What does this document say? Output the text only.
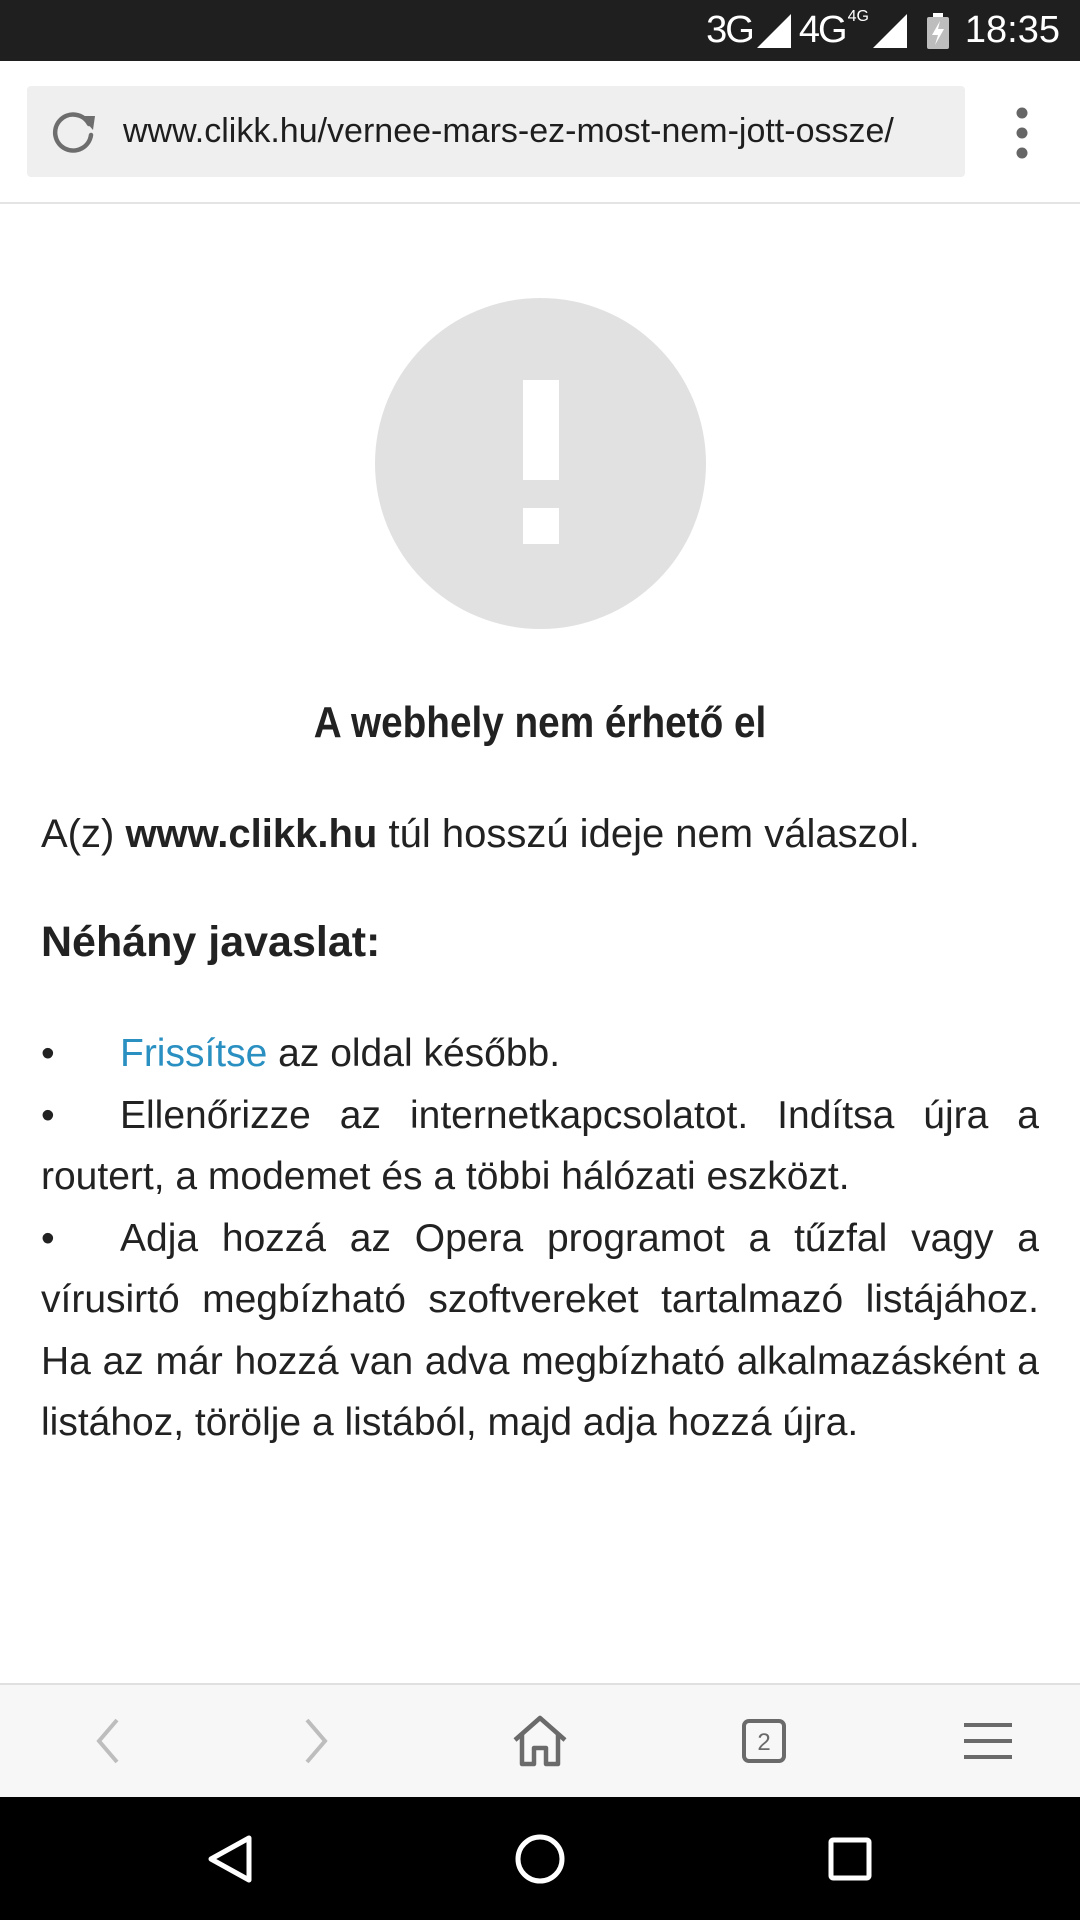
3G 4G 4G	18:35
www.clikk.hu/vernee-mars-ez-most-nem-jott-ossze/
A webhely nem érhető el
A(z) www.clikk.hu túl hosszú ideje nem válaszol.
Néhány javaslat:
• Frissítse az oldal később.
• Ellenőrizze az internetkapcsolatot. Indítsa újra a routert, a modemet és a többi hálózati eszközt.
• Adja hozzá az Opera programot a tűzfal vagy a vírusirtó megbízható szoftvereket tartalmazó listájához. Ha az már hozzá van adva megbízható alkalmazásként a listához, törölje a listából, majd adja hozzá újra.
2
